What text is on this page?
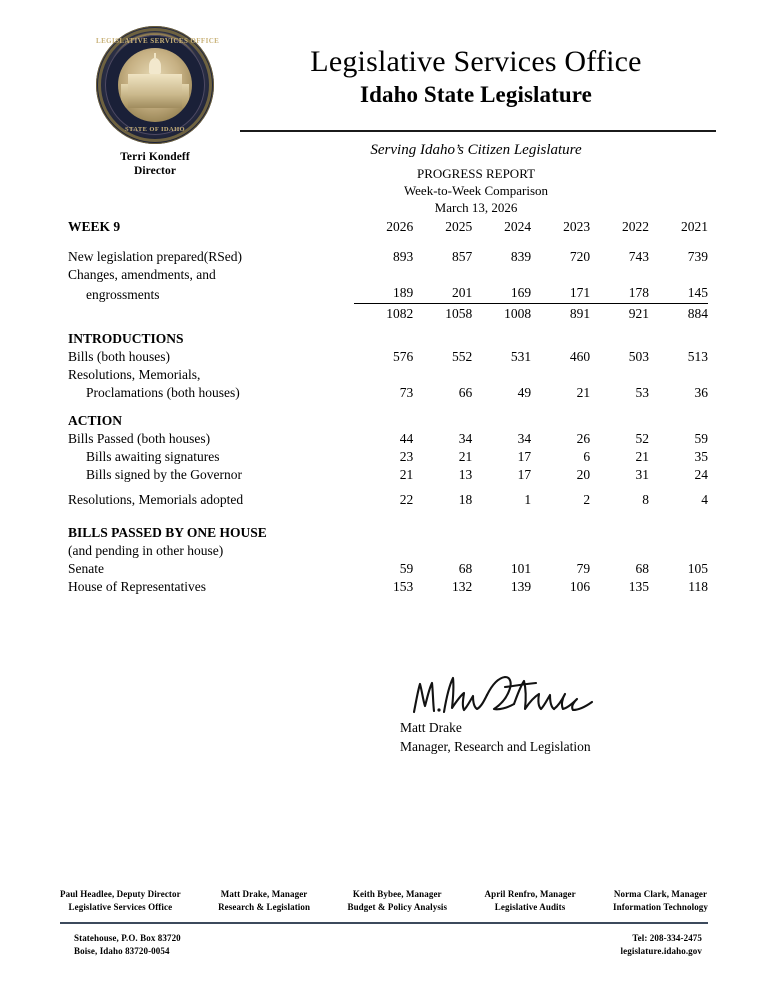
LEGISLATIVE SERVICES OFFICE
STATE OF IDAHO
Terri Kondeff
Director
Legislative Services Office
Idaho State Legislature
Serving Idaho’s Citizen Legislature
PROGRESS REPORT
Week-to-Week Comparison
March 13, 2026
WEEK 9	2026	2025	2024	2023	2022	2021

New legislation prepared(RSed)	893	857	839	720	743	739
Changes, amendments, and						
engrossments	189	201	169	171	178	145
	1082	1058	1008	891	921	884

INTRODUCTIONS						
Bills (both houses)	576	552	531	460	503	513
Resolutions, Memorials,						
Proclamations (both houses)	73	66	49	21	53	36

ACTION						
Bills Passed (both houses)	44	34	34	26	52	59
Bills awaiting signatures	23	21	17	6	21	35
Bills signed by the Governor	21	13	17	20	31	24

Resolutions, Memorials adopted	22	18	1	2	8	4

BILLS PASSED BY ONE HOUSE						
(and pending in other house)						
Senate	59	68	101	79	68	105
House of Representatives	153	132	139	106	135	118
Matt Drake
Manager, Research and Legislation
Paul Headlee, Deputy Director
Legislative Services Office
Matt Drake, Manager
Research & Legislation
Keith Bybee, Manager
Budget & Policy Analysis
April Renfro, Manager
Legislative Audits
Norma Clark, Manager
Information Technology
Statehouse, P.O. Box 83720
Boise, Idaho 83720-0054
Tel: 208-334-2475
legislature.idaho.gov
